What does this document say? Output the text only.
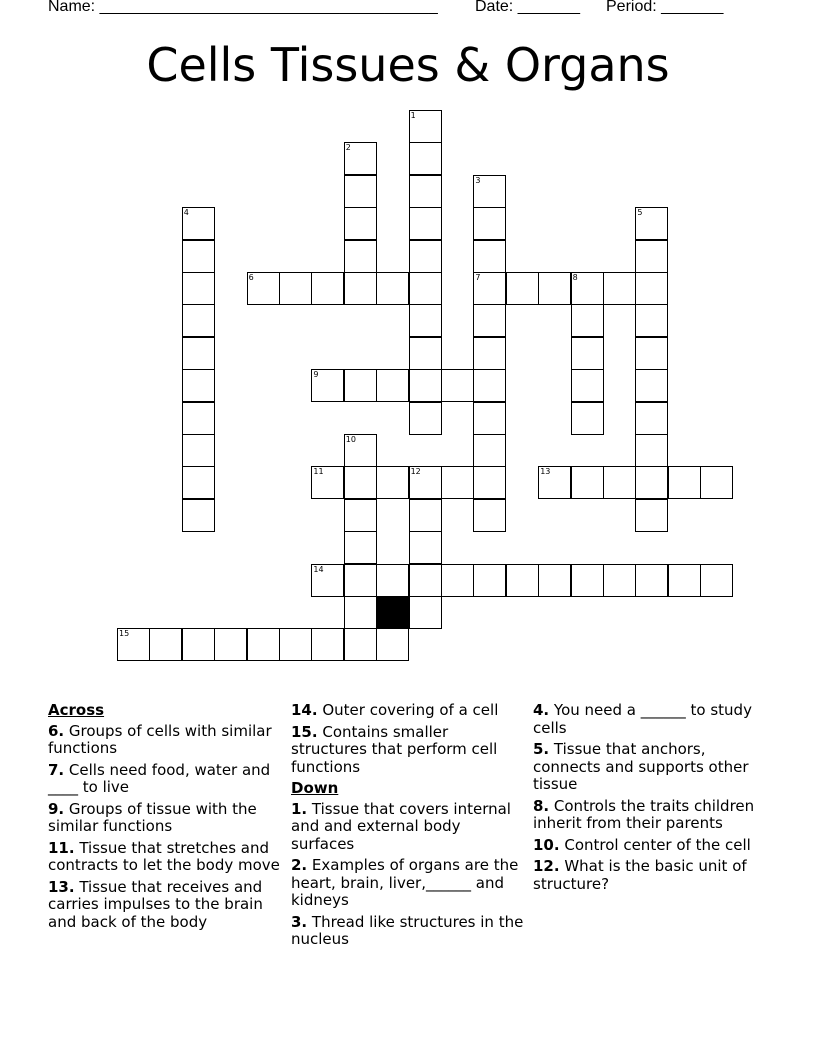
Name: ______________________________________ Date: _______ Period: _______
Cells Tissues & Organs
1
2
3
4	5
6	7	8
9
10
11	12	13
14
15
Across
6. Groups of cells with similar functions
7. Cells need food, water and ____ to live
9. Groups of tissue with the similar functions
11. Tissue that stretches and contracts to let the body move
13. Tissue that receives and carries impulses to the brain and back of the body
14. Outer covering of a cell
15. Contains smaller structures that perform cell functions
Down
1. Tissue that covers internal and and external body surfaces
2. Examples of organs are the heart, brain, liver,______ and kidneys
3. Thread like structures in the nucleus
4. You need a ______ to study cells
5. Tissue that anchors, connects and supports other tissue
8. Controls the traits children inherit from their parents
10. Control center of the cell
12. What is the basic unit of structure?
